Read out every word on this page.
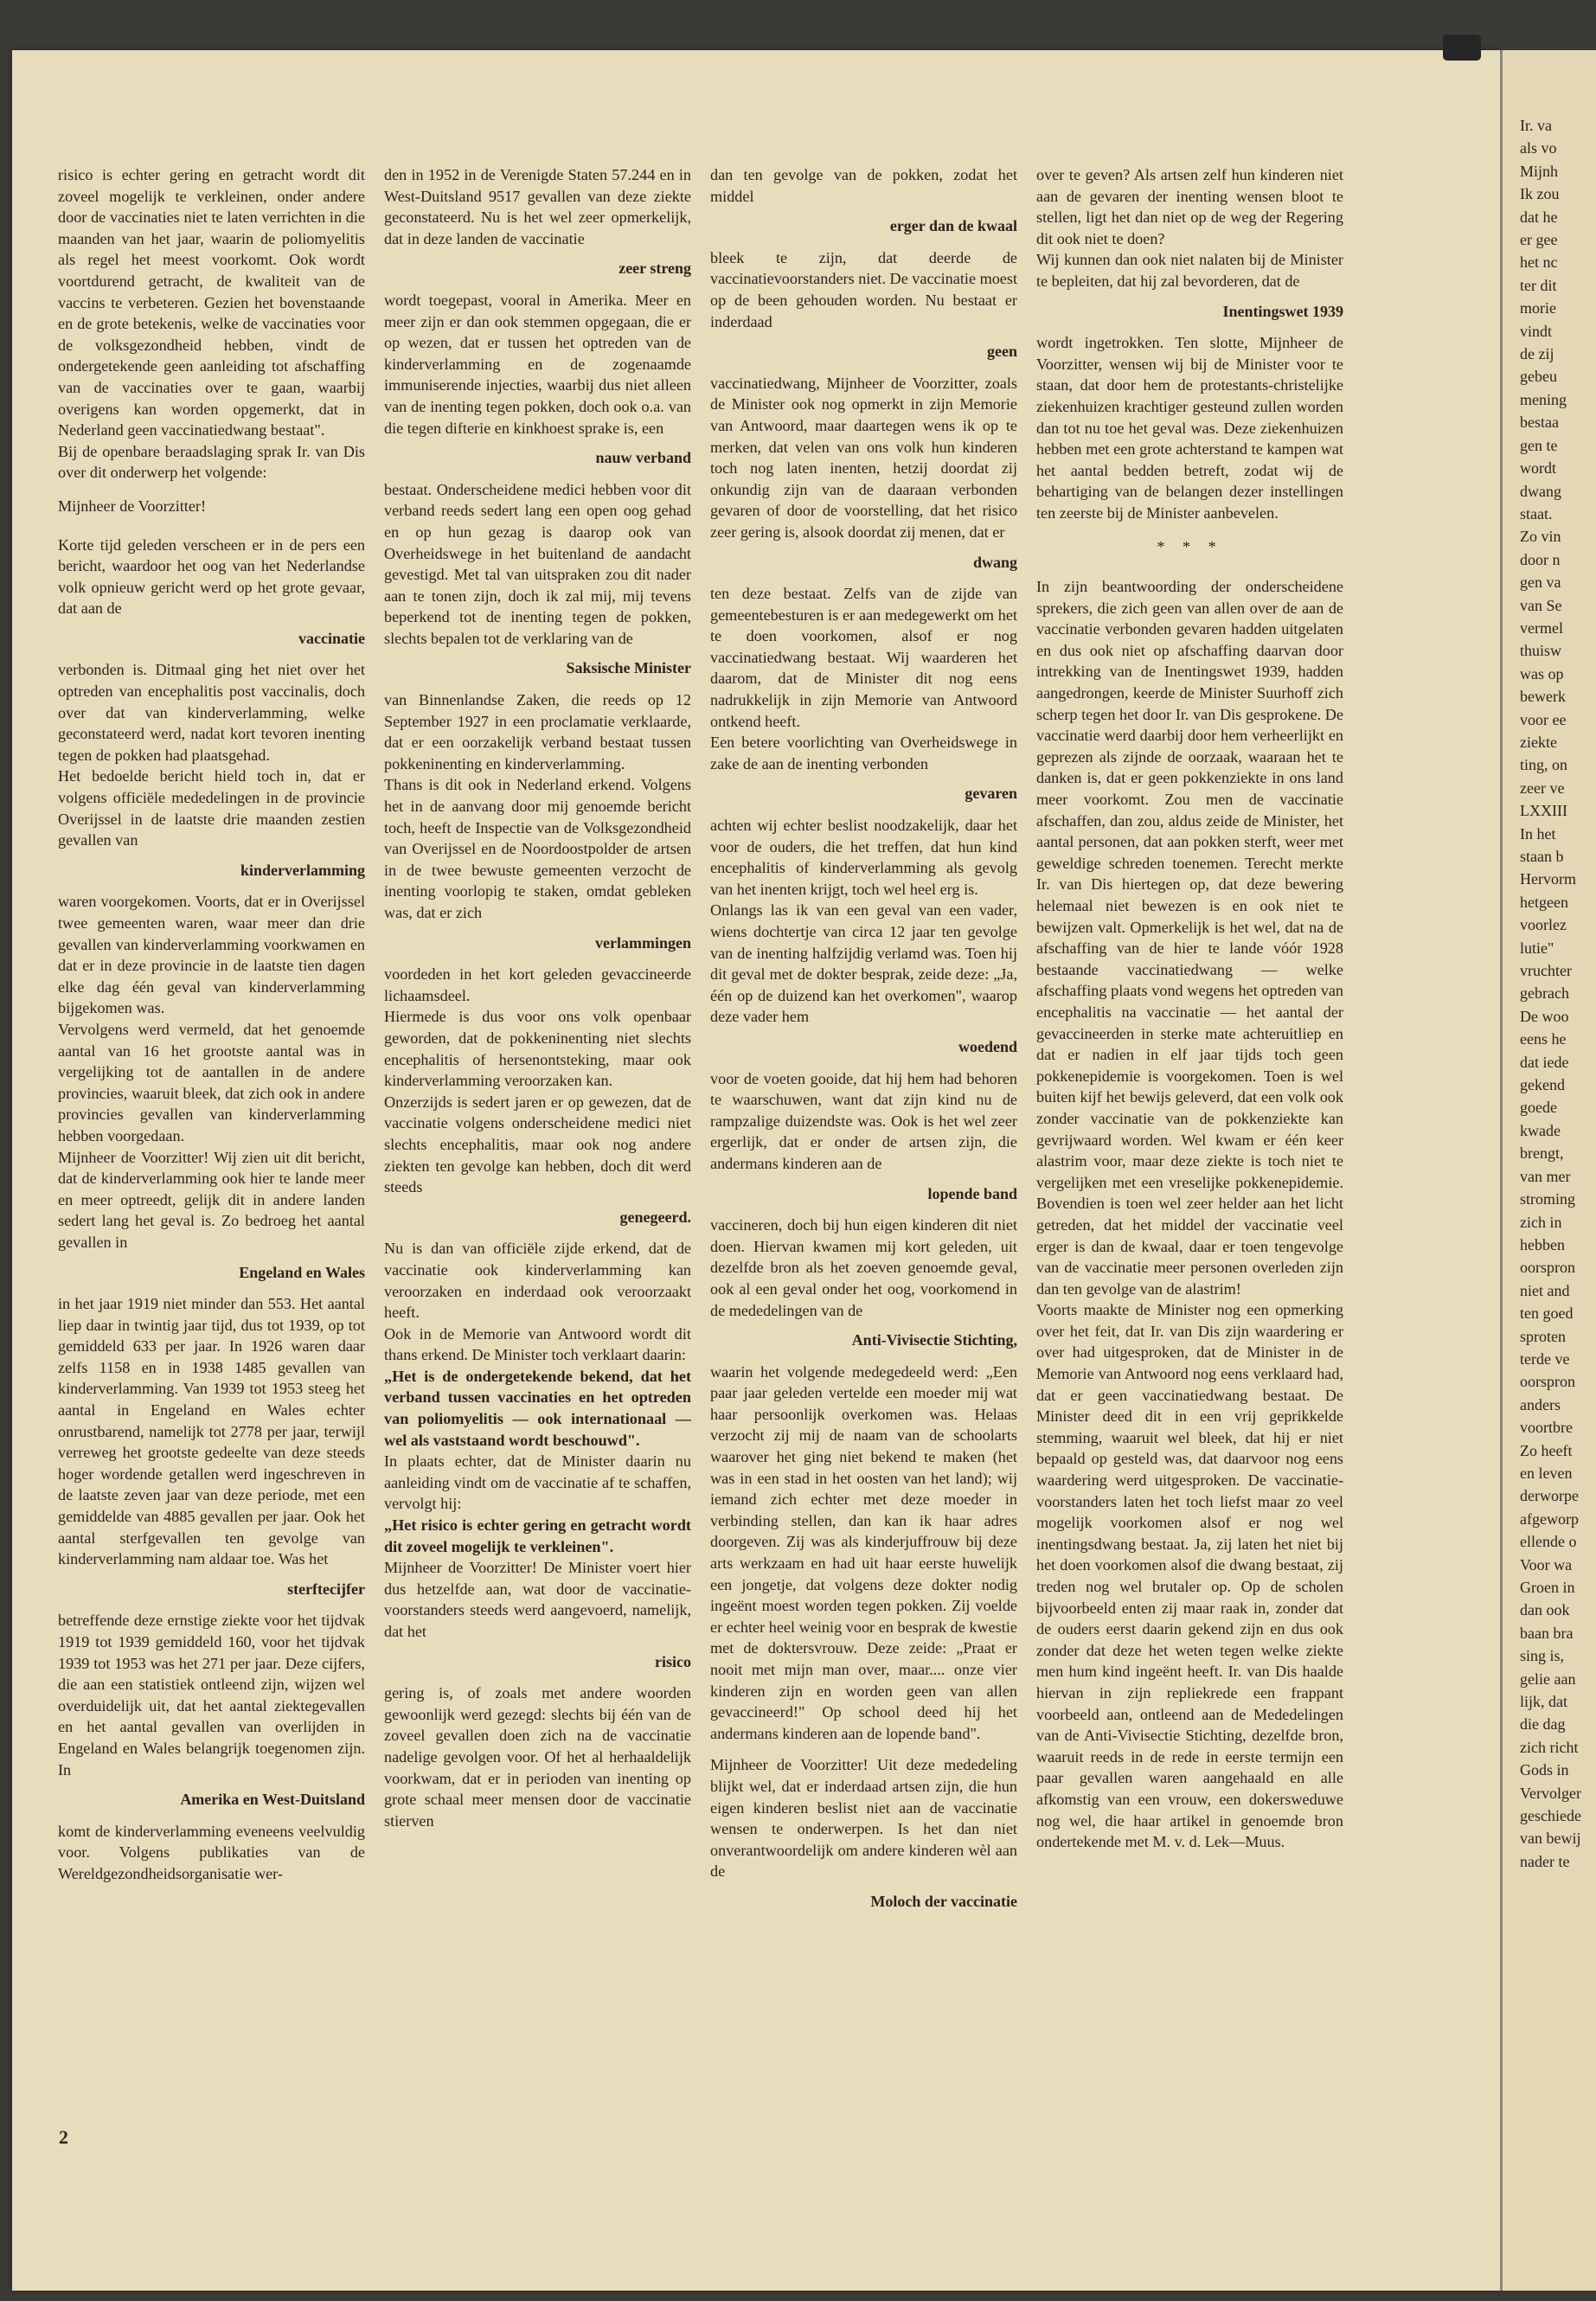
risico is echter gering en getracht wordt dit zoveel mogelijk te verkleinen, onder andere door de vaccinaties niet te laten verrichten in die maanden van het jaar, waarin de poliomyelitis als regel het meest voorkomt. Ook wordt voortdurend getracht, de kwaliteit van de vaccins te verbeteren. Gezien het bovenstaande en de grote betekenis, welke de vaccinaties voor de volksgezondheid hebben, vindt de ondergetekende geen aanleiding tot afschaffing van de vaccinaties over te gaan, waarbij overigens kan worden opgemerkt, dat in Nederland geen vaccinatiedwang bestaat".

Bij de openbare beraadslaging sprak Ir. van Dis over dit onderwerp het volgende:

Mijnheer de Voorzitter!

Korte tijd geleden verscheen er in de pers een bericht, waardoor het oog van het Nederlandse volk opnieuw gericht werd op het grote gevaar, dat aan de

vaccinatie

verbonden is. Ditmaal ging het niet over het optreden van encephalitis post vaccinalis, doch over dat van kinderverlamming, welke geconstateerd werd, nadat kort tevoren inenting tegen de pokken had plaatsgehad.

Het bedoelde bericht hield toch in, dat er volgens officiële mededelingen in de provincie Overijssel in de laatste drie maanden zestien gevallen van

kinderverlamming

waren voorgekomen. Voorts, dat er in Overijssel twee gemeenten waren, waar meer dan drie gevallen van kinderverlamming voorkwamen en dat er in deze provincie in de laatste tien dagen elke dag één geval van kinderverlamming bijgekomen was.

Vervolgens werd vermeld, dat het genoemde aantal van 16 het grootste aantal was in vergelijking tot de aantallen in de andere provincies, waaruit bleek, dat zich ook in andere provincies gevallen van kinderverlamming hebben voorgedaan.

Mijnheer de Voorzitter! Wij zien uit dit bericht, dat de kinderverlamming ook hier te lande meer en meer optreedt, gelijk dit in andere landen sedert lang het geval is. Zo bedroeg het aantal gevallen in

Engeland en Wales

in het jaar 1919 niet minder dan 553. Het aantal liep daar in twintig jaar tijd, dus tot 1939, op tot gemiddeld 633 per jaar. In 1926 waren daar zelfs 1158 en in 1938 1485 gevallen van kinderverlamming. Van 1939 tot 1953 steeg het aantal in Engeland en Wales echter onrustbarend, namelijk tot 2778 per jaar, terwijl verreweg het grootste gedeelte van deze steeds hoger wordende getallen werd ingeschreven in de laatste zeven jaar van deze periode, met een gemiddelde van 4885 gevallen per jaar. Ook het aantal sterfgevallen ten gevolge van kinderverlamming nam aldaar toe. Was het

sterftecijfer

betreffende deze ernstige ziekte voor het tijdvak 1919 tot 1939 gemiddeld 160, voor het tijdvak 1939 tot 1953 was het 271 per jaar. Deze cijfers, die aan een statistiek ontleend zijn, wijzen wel overduidelijk uit, dat het aantal ziektegevallen en het aantal gevallen van overlijden in Engeland en Wales belangrijk toegenomen zijn. In

Amerika en West-Duitsland

komt de kinderverlamming eveneens veelvuldig voor. Volgens publikaties van de Wereldgezondheidsorganisatie wer-

den in 1952 in de Verenigde Staten 57.244 en in West-Duitsland 9517 gevallen van deze ziekte geconstateerd. Nu is het wel zeer opmerkelijk, dat in deze landen de vaccinatie

zeer streng

wordt toegepast, vooral in Amerika. Meer en meer zijn er dan ook stemmen opgegaan, die er op wezen, dat er tussen het optreden van de kinderverlamming en de zogenaamde immuniserende injecties, waarbij dus niet alleen van de inenting tegen pokken, doch ook o.a. van die tegen difterie en kinkhoest sprake is, een

nauw verband

bestaat. Onderscheidene medici hebben voor dit verband reeds sedert lang een open oog gehad en op hun gezag is daarop ook van Overheidswege in het buitenland de aandacht gevestigd. Met tal van uitspraken zou dit nader aan te tonen zijn, doch ik zal mij, mij tevens beperkend tot de inenting tegen de pokken, slechts bepalen tot de verklaring van de

Saksische Minister

van Binnenlandse Zaken, die reeds op 12 September 1927 in een proclamatie verklaarde, dat er een oorzakelijk verband bestaat tussen pokkeninenting en kinderverlamming.

Thans is dit ook in Nederland erkend. Volgens het in de aanvang door mij genoemde bericht toch, heeft de Inspectie van de Volksgezondheid van Overijssel en de Noordoostpolder de artsen in de twee bewuste gemeenten verzocht de inenting voorlopig te staken, omdat gebleken was, dat er zich

verlammingen

voordeden in het kort geleden gevaccineerde lichaamsdeel.

Hiermede is dus voor ons volk openbaar geworden, dat de pokkeninenting niet slechts encephalitis of hersenontsteking, maar ook kinderverlamming veroorzaken kan.

Onzerzijds is sedert jaren er op gewezen, dat de vaccinatie volgens onderscheidene medici niet slechts encephalitis, maar ook nog andere ziekten ten gevolge kan hebben, doch dit werd steeds

genegeerd.

Nu is dan van officiële zijde erkend, dat de vaccinatie ook kinderverlamming kan veroorzaken en inderdaad ook veroorzaakt heeft.

Ook in de Memorie van Antwoord wordt dit thans erkend. De Minister toch verklaart daarin:

„Het is de ondergetekende bekend, dat het verband tussen vaccinaties en het optreden van poliomyelitis — ook internationaal — wel als vaststaand wordt beschouwd".

In plaats echter, dat de Minister daarin nu aanleiding vindt om de vaccinatie af te schaffen, vervolgt hij:

„Het risico is echter gering en getracht wordt dit zoveel mogelijk te verkleinen".

Mijnheer de Voorzitter! De Minister voert hier dus hetzelfde aan, wat door de vaccinatie-voorstanders steeds werd aangevoerd, namelijk, dat het

risico

gering is, of zoals met andere woorden gewoonlijk werd gezegd: slechts bij één van de zoveel gevallen doen zich na de vaccinatie nadelige gevolgen voor. Of het al herhaaldelijk voorkwam, dat er in perioden van inenting op grote schaal meer mensen door de vaccinatie stierven

dan ten gevolge van de pokken, zodat het middel

erger dan de kwaal

bleek te zijn, dat deerde de vaccinatievoorstanders niet. De vaccinatie moest op de been gehouden worden. Nu bestaat er inderdaad

geen

vaccinatiedwang, Mijnheer de Voorzitter, zoals de Minister ook nog opmerkt in zijn Memorie van Antwoord, maar daartegen wens ik op te merken, dat velen van ons volk hun kinderen toch nog laten inenten, hetzij doordat zij onkundig zijn van de daaraan verbonden gevaren of door de voorstelling, dat het risico zeer gering is, alsook doordat zij menen, dat er

dwang

ten deze bestaat. Zelfs van de zijde van gemeentebesturen is er aan medegewerkt om het te doen voorkomen, alsof er nog vaccinatiedwang bestaat. Wij waarderen het daarom, dat de Minister dit nog eens nadrukkelijk in zijn Memorie van Antwoord ontkend heeft.

Een betere voorlichting van Overheidswege in zake de aan de inenting verbonden

gevaren

achten wij echter beslist noodzakelijk, daar het voor de ouders, die het treffen, dat hun kind encephalitis of kinderverlamming als gevolg van het inenten krijgt, toch wel heel erg is.

Onlangs las ik van een geval van een vader, wiens dochtertje van circa 12 jaar ten gevolge van de inenting halfzijdig verlamd was. Toen hij dit geval met de dokter besprak, zeide deze: „Ja, één op de duizend kan het overkomen", waarop deze vader hem

woedend

voor de voeten gooide, dat hij hem had behoren te waarschuwen, want dat zijn kind nu de rampzalige duizendste was. Ook is het wel zeer ergerlijk, dat er onder de artsen zijn, die andermans kinderen aan de

lopende band

vaccineren, doch bij hun eigen kinderen dit niet doen. Hiervan kwamen mij kort geleden, uit dezelfde bron als het zoeven genoemde geval, ook al een geval onder het oog, voorkomend in de mededelingen van de

Anti-Vivisectie Stichting,

waarin het volgende medegedeeld werd: „Een paar jaar geleden vertelde een moeder mij wat haar persoonlijk overkomen was. Helaas verzocht zij mij de naam van de schoolarts waarover het ging niet bekend te maken (het was in een stad in het oosten van het land); wij iemand zich echter met deze moeder in verbinding stellen, dan kan ik haar adres doorgeven. Zij was als kinderjuffrouw bij deze arts werkzaam en had uit haar eerste huwelijk een jongetje, dat volgens deze dokter nodig ingeënt moest worden tegen pokken. Zij voelde er echter heel weinig voor en besprak de kwestie met de doktersvrouw. Deze zeide: „Praat er nooit met mijn man over, maar.... onze vier kinderen zijn en worden geen van allen gevaccineerd!" Op school deed hij het andermans kinderen aan de lopende band".

Mijnheer de Voorzitter! Uit deze mededeling blijkt wel, dat er inderdaad artsen zijn, die hun eigen kinderen beslist niet aan de vaccinatie wensen te onderwerpen. Is het dan niet onverantwoordelijk om andere kinderen wèl aan de

Moloch der vaccinatie

over te geven? Als artsen zelf hun kinderen niet aan de gevaren der inenting wensen bloot te stellen, ligt het dan niet op de weg der Regering dit ook niet te doen?

Wij kunnen dan ook niet nalaten bij de Minister te bepleiten, dat hij zal bevorderen, dat de

Inentingswet 1939

wordt ingetrokken. Ten slotte, Mijnheer de Voorzitter, wensen wij bij de Minister voor te staan, dat door hem de protestants-christelijke ziekenhuizen krachtiger gesteund zullen worden dan tot nu toe het geval was. Deze ziekenhuizen hebben met een grote achterstand te kampen wat het aantal bedden betreft, zodat wij de behartiging van de belangen dezer instellingen ten zeerste bij de Minister aanbevelen.

* * *

In zijn beantwoording der onderscheidene sprekers, die zich geen van allen over de aan de vaccinatie verbonden gevaren hadden uitgelaten en dus ook niet op afschaffing daarvan door intrekking van de Inentingswet 1939, hadden aangedrongen, keerde de Minister Suurhoff zich scherp tegen het door Ir. van Dis gesprokene. De vaccinatie werd daarbij door hem verheerlijkt en geprezen als zijnde de oorzaak, waaraan het te danken is, dat er geen pokkenziekte in ons land meer voorkomt. Zou men de vaccinatie afschaffen, dan zou, aldus zeide de Minister, het aantal personen, dat aan pokken sterft, weer met geweldige schreden toenemen. Terecht merkte Ir. van Dis hiertegen op, dat deze bewering helemaal niet bewezen is en ook niet te bewijzen valt. Opmerkelijk is het wel, dat na de afschaffing van de hier te lande vóór 1928 bestaande vaccinatiedwang — welke afschaffing plaats vond wegens het optreden van encephalitis na vaccinatie — het aantal der gevaccineerden in sterke mate achteruitliep en dat er nadien in elf jaar tijds toch geen pokkenepidemie is voorgekomen. Toen is wel buiten kijf het bewijs geleverd, dat een volk ook zonder vaccinatie van de pokkenziekte kan gevrijwaard worden. Wel kwam er één keer alastrim voor, maar deze ziekte is toch niet te vergelijken met een vreselijke pokkenepidemie. Bovendien is toen wel zeer helder aan het licht getreden, dat het middel der vaccinatie veel erger is dan de kwaal, daar er toen tengevolge van de vaccinatie meer personen overleden zijn dan ten gevolge van de alastrim!

Voorts maakte de Minister nog een opmerking over het feit, dat Ir. van Dis zijn waardering er over had uitgesproken, dat de Minister in de Memorie van Antwoord nog eens verklaard had, dat er geen vaccinatiedwang bestaat. De Minister deed dit in een vrij geprikkelde stemming, waaruit wel bleek, dat hij er niet bepaald op gesteld was, dat daarvoor nog eens waardering werd uitgesproken. De vaccinatie-voorstanders laten het toch liefst maar zo veel mogelijk voorkomen alsof er nog wel inentingsdwang bestaat. Ja, zij laten het niet bij het doen voorkomen alsof die dwang bestaat, zij treden nog wel brutaler op. Op de scholen bijvoorbeeld enten zij maar raak in, zonder dat de ouders eerst daarin gekend zijn en dus ook zonder dat deze het weten tegen welke ziekte men hum kind ingeënt heeft. Ir. van Dis haalde hiervan in zijn repliekrede een frappant voorbeeld aan, ontleend aan de Mededelingen van de Anti-Vivisectie Stichting, dezelfde bron, waaruit reeds in de rede in eerste termijn een paar gevallen waren aangehaald en alle afkomstig van een vrouw, een dokersweduwe nog wel, die haar artikel in genoemde bron ondertekende met M. v. d. Lek—Muus.

2
Ir. va
als vo
Mijnh
Ik zou
dat he
er gee
het nc
ter dit
morie
vindt
de zij
gebeu
mening
bestaa
gen te
wordt
dwang
staat.
Zo vin
door n
gen va
van Se
vermel
thuisw
was op
bewerk
voor ee
ziekte
ting, on
zeer ve
LXXIII
In het
staan b
Hervorm
hetgeen
voorlez
lutie"
vruchter
gebrach
De woo
eens he
dat iede
gekend
goede
kwade
brengt,
van mer
stroming
zich in
hebben
oorspron
niet and
ten goed
sproten
terde ve
oorspron
anders
voortbre
Zo heeft
en leven
derworpe
afgeworp
ellende o
Voor wa
Groen in
dan ook
baan bra
sing is,
gelie aan
lijk, dat
die dag
zich richt
Gods in
Vervolger
geschiede
van bewij
nader te
